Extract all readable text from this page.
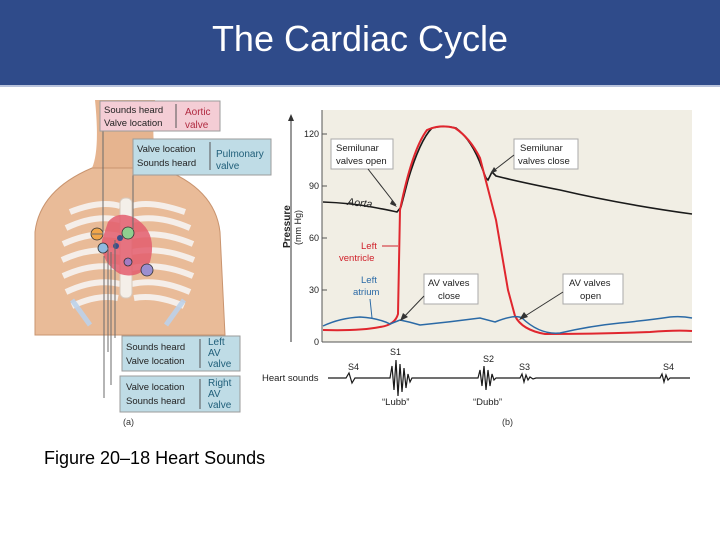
The Cardiac Cycle
Sounds heard
Valve location
Aortic
valve
Valve location
Sounds heard
Pulmonary
valve
Sounds heard
Valve location
Left
AV
valve
Valve location
Sounds heard
Right
AV
valve
(a)
120
90
60
30
0
Pressure (mm Hg)
Semilunar
valves open
Semilunar
valves close
Aorta
Left
ventricle
Left
atrium
AV valves
close
AV valves
open
Heart sounds
S4
S1
S2
S3	S4
“Lubb”	“Dubb”
(b)
Figure 20–18 Heart Sounds
